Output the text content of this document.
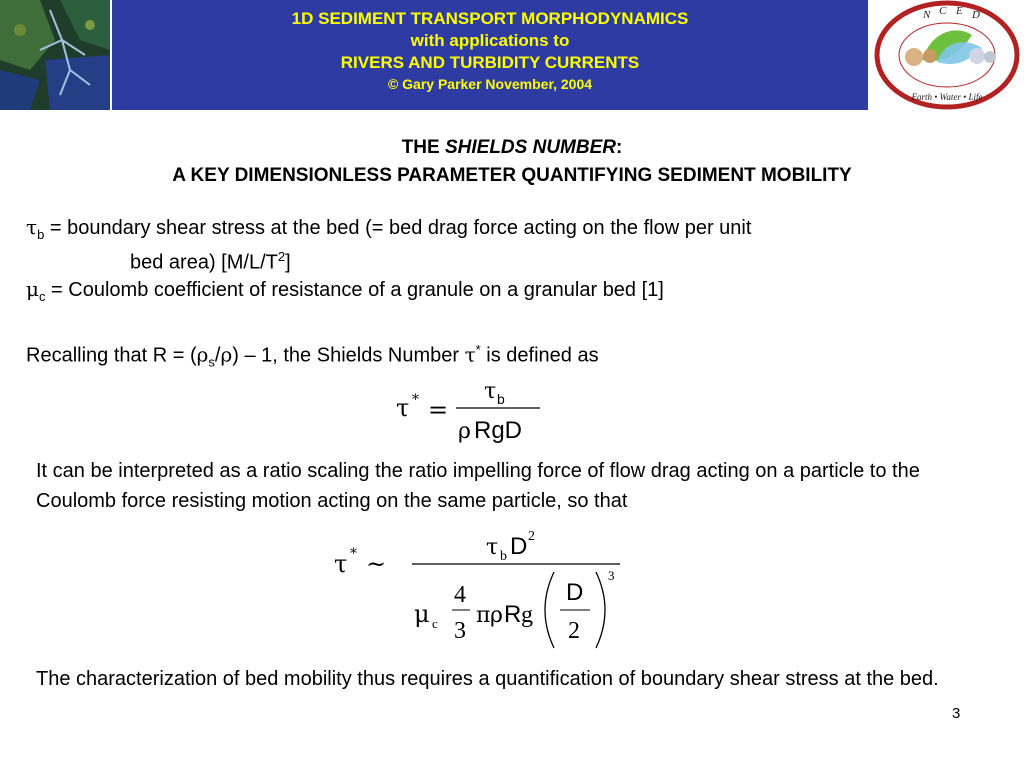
1D SEDIMENT TRANSPORT MORPHODYNAMICS
with applications to
RIVERS AND TURBIDITY CURRENTS
© Gary Parker November, 2004
N C E D
Earth • Water • Life
THE SHIELDS NUMBER:
A KEY DIMENSIONLESS PARAMETER QUANTIFYING SEDIMENT MOBILITY
$\tau_b$ = boundary shear stress at the bed (= bed drag force acting on the flow per unit
bed area) $[M/L/T^2]$
$\mu_c$ = Coulomb coefficient of resistance of a granule on a granular bed [1]
Recalling that $R = (\rho_s/\rho) - 1$, the Shields Number τ* is defined as
τ * =
τ b
ρ RgD
It can be interpreted as a ratio scaling the ratio impelling force of flow drag acting on a particle to the Coulomb force resisting motion acting on the same particle, so that
τ * ~
τ b D 2
μ c
4
3
π ρ R g
D
2
3
The characterization of bed mobility thus requires a quantification of boundary shear stress at the bed.
3
